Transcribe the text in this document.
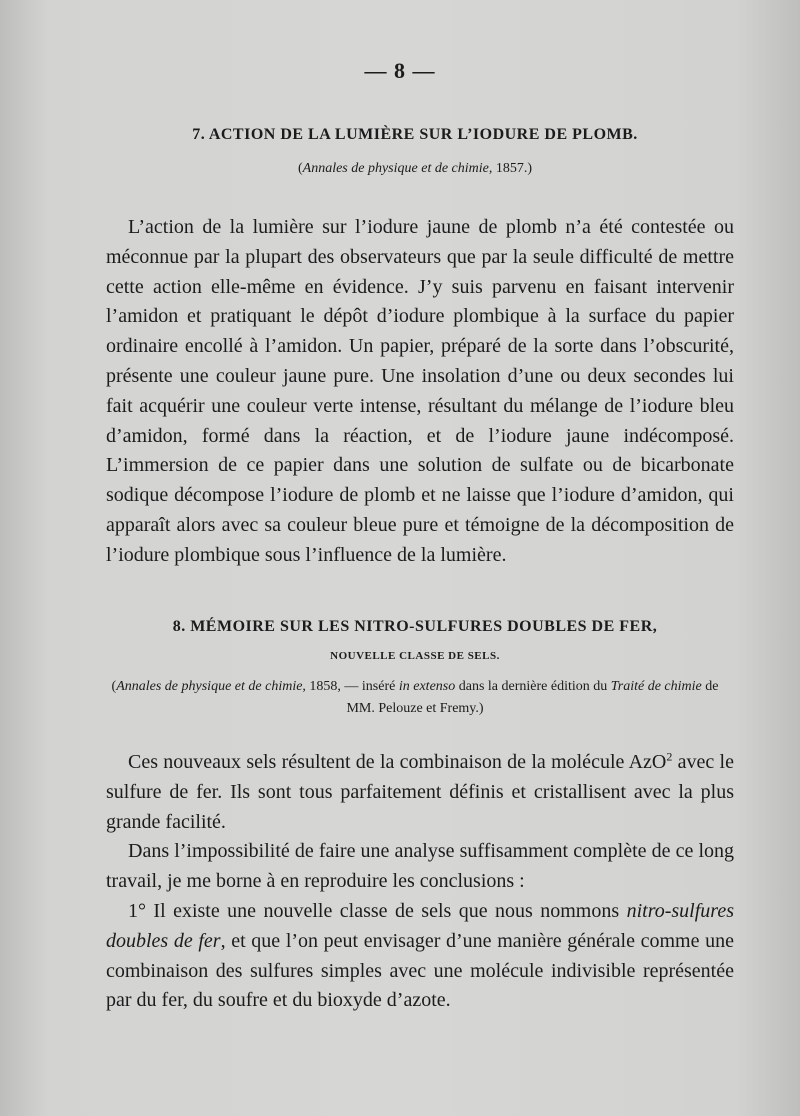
— 8 —
7. ACTION DE LA LUMIÈRE SUR L’IODURE DE PLOMB.
(Annales de physique et de chimie, 1857.)

L’action de la lumière sur l’iodure jaune de plomb n’a été contestée ou méconnue par la plupart des observateurs que par la seule difficulté de mettre cette action elle-même en évidence. J’y suis parvenu en faisant intervenir l’amidon et pratiquant le dépôt d’iodure plombique à la surface du papier ordinaire encollé à l’amidon. Un papier, préparé de la sorte dans l’obscurité, présente une couleur jaune pure. Une insolation d’une ou deux secondes lui fait acquérir une couleur verte intense, résultant du mélange de l’iodure bleu d’amidon, formé dans la réaction, et de l’iodure jaune indécomposé. L’immersion de ce papier dans une solution de sulfate ou de bicarbonate sodique décompose l’iodure de plomb et ne laisse que l’iodure d’amidon, qui apparaît alors avec sa couleur bleue pure et témoigne de la décomposition de l’iodure plombique sous l’influence de la lumière.

8. MÉMOIRE SUR LES NITRO-SULFURES DOUBLES DE FER,
NOUVELLE CLASSE DE SELS.
(Annales de physique et de chimie, 1858, — inséré in extenso dans la dernière édition du Traité de chimie de MM. Pelouze et Fremy.)

Ces nouveaux sels résultent de la combinaison de la molécule AzO$^2$ avec le sulfure de fer. Ils sont tous parfaitement définis et cristallisent avec la plus grande facilité.

Dans l’impossibilité de faire une analyse suffisamment complète de ce long travail, je me borne à en reproduire les conclusions :

1° Il existe une nouvelle classe de sels que nous nommons nitro-sulfures doubles de fer, et que l’on peut envisager d’une manière générale comme une combinaison des sulfures simples avec une molécule indivisible représentée par du fer, du soufre et du bioxyde d’azote.
